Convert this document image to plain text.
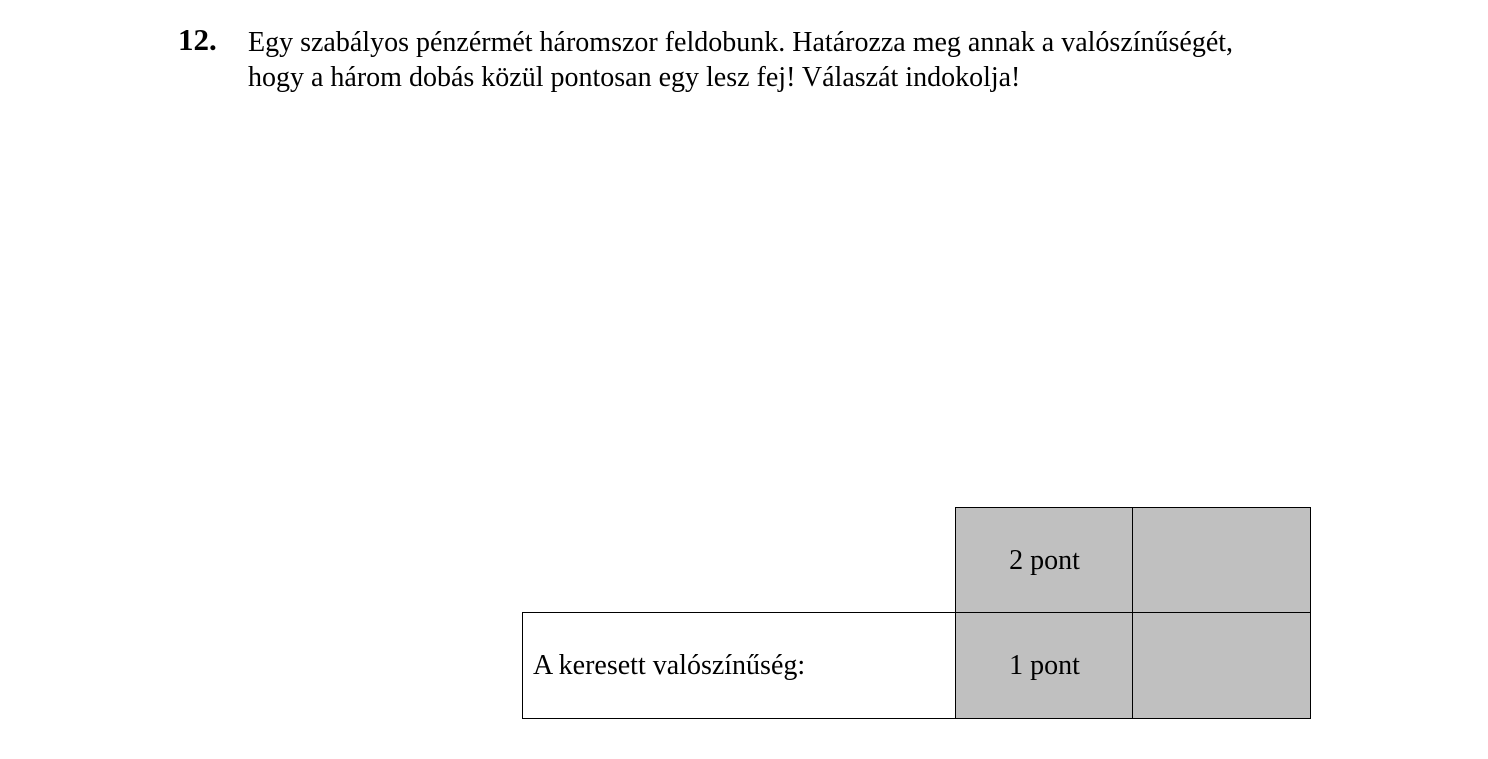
12. Egy szabályos pénzérmét háromszor feldobunk. Határozza meg annak a valószínűségét,
hogy a három dobás közül pontosan egy lesz fej! Válaszát indokolja!
2 pont
A keresett valószínűség:	1 pont
